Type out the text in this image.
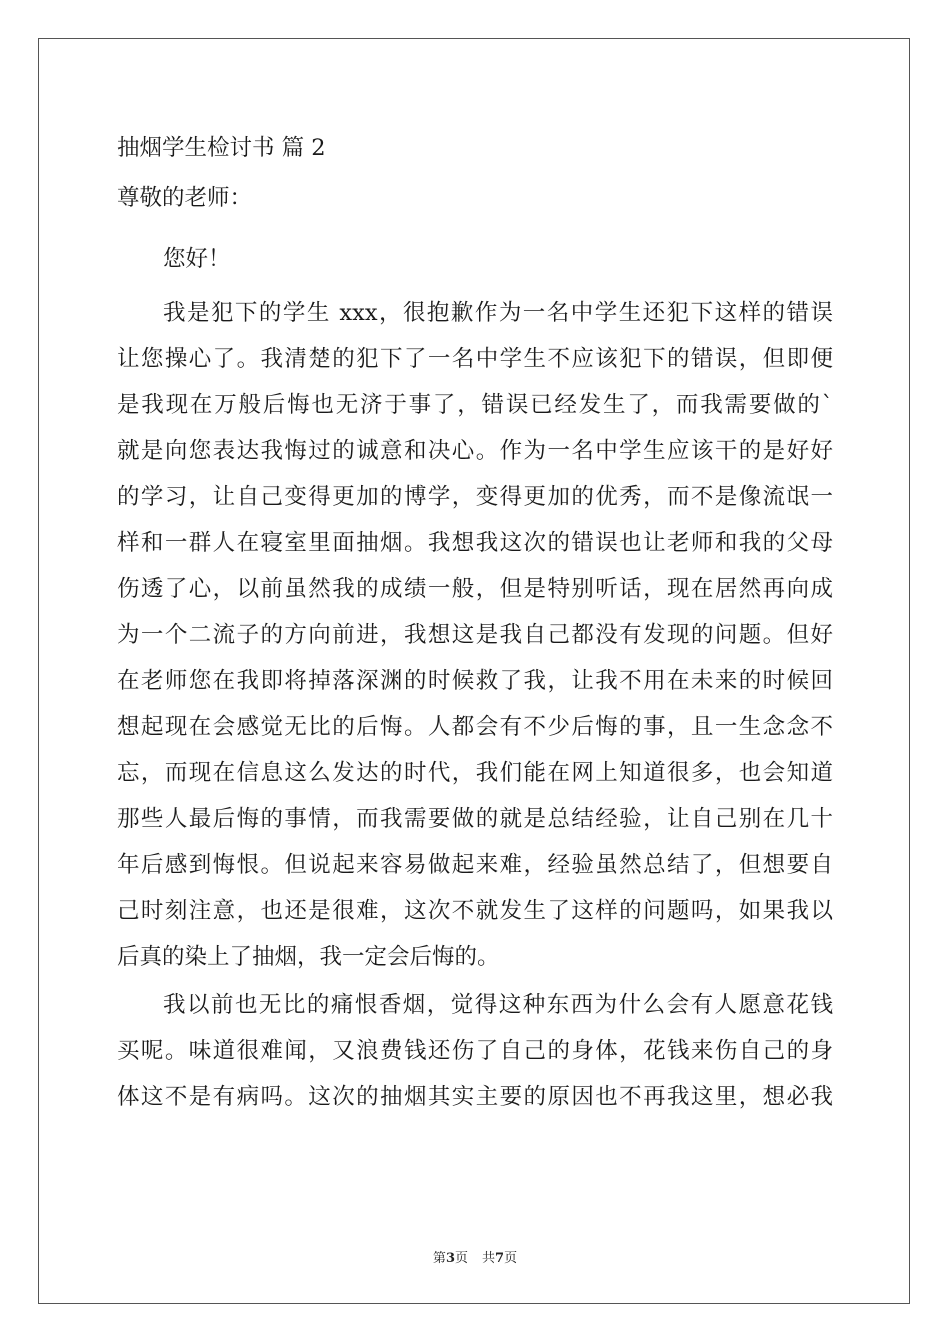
抽烟学生检讨书 篇 2

尊敬的老师：

您好！

我是犯下的学生 xxx，很抱歉作为一名中学生还犯下这样的错误

让您操心了。我清楚的犯下了一名中学生不应该犯下的错误，但即便

是我现在万般后悔也无济于事了，错误已经发生了，而我需要做的`

就是向您表达我悔过的诚意和决心。作为一名中学生应该干的是好好

的学习，让自己变得更加的博学，变得更加的优秀，而不是像流氓一

样和一群人在寝室里面抽烟。我想我这次的错误也让老师和我的父母

伤透了心，以前虽然我的成绩一般，但是特别听话，现在居然再向成

为一个二流子的方向前进，我想这是我自己都没有发现的问题。但好

在老师您在我即将掉落深渊的时候救了我，让我不用在未来的时候回

想起现在会感觉无比的后悔。人都会有不少后悔的事，且一生念念不

忘，而现在信息这么发达的时代，我们能在网上知道很多，也会知道

那些人最后悔的事情，而我需要做的就是总结经验，让自己别在几十

年后感到悔恨。但说起来容易做起来难，经验虽然总结了，但想要自

己时刻注意，也还是很难，这次不就发生了这样的问题吗，如果我以

后真的染上了抽烟，我一定会后悔的。

我以前也无比的痛恨香烟，觉得这种东西为什么会有人愿意花钱

买呢。味道很难闻，又浪费钱还伤了自己的身体，花钱来伤自己的身

体这不是有病吗。这次的抽烟其实主要的原因也不再我这里，想必我

第3页 共7页
